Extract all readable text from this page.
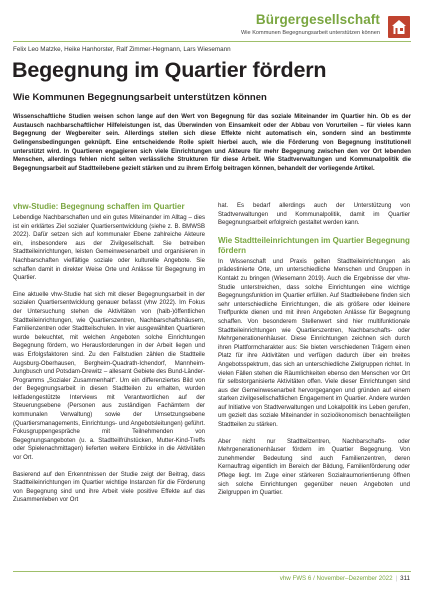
Bürgergesellschaft
Wie Kommunen Begegnungsarbeit unterstützen können
Felix Leo Matzke, Heike Hanhorster, Ralf Zimmer-Hegmann, Lars Wiesemann
Begegnung im Quartier fördern
Wie Kommunen Begegnungsarbeit unterstützen können
Wissenschaftliche Studien weisen schon lange auf den Wert von Begegnung für das soziale Miteinander im Quartier hin. Ob es der Austausch nachbarschaftlicher Hilfeleistungen ist, das Überwinden von Einsamkeit oder der Abbau von Vorurteilen – für vieles kann Begegnung der Wegbereiter sein. Allerdings stellen sich diese Effekte nicht automatisch ein, sondern sind an bestimmte Gelingensbedingungen geknüpft. Eine entscheidende Rolle spielt hierbei auch, wie die Förderung von Begegnung institutionell unterstützt wird. In Quartieren engagieren sich viele Einrichtungen und Akteure für mehr Begegnung zwischen den vor Ort lebenden Menschen, allerdings fehlen nicht selten verlässliche Strukturen für diese Arbeit. Wie Stadtverwaltungen und Kommunalpolitik die Begegnungsarbeit auf Stadtteilebene gezielt stärken und zu ihrem Erfolg beitragen können, behandelt der vorliegende Artikel.
vhw-Studie: Begegnung schaffen im Quartier

Lebendige Nachbarschaften und ein gutes Miteinander im Alltag – dies ist ein erklärtes Ziel sozialer Quartiersentwicklung (siehe z. B. BMWSB 2022). Dafür setzen sich auf kommunaler Ebene zahlreiche Akteure ein, insbesondere aus der Zivilgesellschaft. Sie betreiben Stadtteileinrichtungen, leisten Gemeinwesenarbeit und organisieren in Nachbarschaften vielfältige soziale oder kulturelle Angebote. Sie schaffen damit in direkter Weise Orte und Anlässe für Begegnung im Quartier.

Eine aktuelle vhw-Studie hat sich mit dieser Begegnungsarbeit in der sozialen Quartiersentwicklung genauer befasst (vhw 2022). Im Fokus der Untersuchung stehen die Aktivitäten von (halb-)öffentlichen Stadtteileinrichtungen, wie Quartierszentren, Nachbarschaftshäusern, Familienzentren oder Stadtteilschulen. In vier ausgewählten Quartieren wurde beleuchtet, mit welchen Angeboten solche Einrichtungen Begegnung fördern, wo Herausforderungen in der Arbeit liegen und was Erfolgsfaktoren sind. Zu den Fallstudien zählen die Stadtteile Augsburg-Oberhausen, Bergheim-Quadrath-Ichendorf, Mannheim-Jungbusch und Potsdam-Drewitz – allesamt Gebiete des Bund-Länder-Programms „Sozialer Zusammenhalt". Um ein differenziertes Bild von der Begegnungsarbeit in diesen Stadtteilen zu erhalten, wurden leitfadengestützte Interviews mit Verantwortlichen auf der Steuerungsebene (Personen aus zuständigen Fachämtern der kommunalen Verwaltung) sowie der Umsetzungsebene (Quartiersmanagements, Einrichtungs- und Angebotsleitungen) geführt. Fokusgruppengespräche mit Teilnehmenden von Begegnungsangeboten (u. a. Stadtteilfrühstücken, Mutter-Kind-Treffs oder Spielenachmittagen) lieferten weitere Einblicke in die Aktivitäten vor Ort.

Basierend auf den Erkenntnissen der Studie zeigt der Beitrag, dass Stadtteileinrichtungen im Quartier wichtige Instanzen für die Förderung von Begegnung sind und ihre Arbeit viele positive Effekte auf das Zusammenleben vor Ort

hat. Es bedarf allerdings auch der Unterstützung von Stadtverwaltungen und Kommunalpolitik, damit im Quartier Begegnungsarbeit erfolgreich gestaltet werden kann.

Wie Stadtteileinrichtungen im Quartier Begegnung fördern

In Wissenschaft und Praxis gelten Stadtteileinrichtungen als prädestinierte Orte, um unterschiedliche Menschen und Gruppen in Kontakt zu bringen (Wiesemann 2019). Auch die Ergebnisse der vhw-Studie unterstreichen, dass solche Einrichtungen eine wichtige Begegnungsfunktion im Quartier erfüllen. Auf Stadtteilebene finden sich sehr unterschiedliche Einrichtungen, die als größere oder kleinere Treffpunkte dienen und mit ihren Angeboten Anlässe für Begegnung schaffen. Von besonderem Stellenwert sind hier multifunktionale Stadtteileinrichtungen wie Quartierszentren, Nachbarschafts- oder Mehrgenerationenhäuser. Diese Einrichtungen zeichnen sich durch ihren Plattformcharakter aus: Sie bieten verschiedenen Trägern einen Platz für ihre Aktivitäten und verfügen dadurch über ein breites Angebotsspektrum, das sich an unterschiedliche Zielgruppen richtet. In vielen Fällen stehen die Räumlichkeiten ebenso den Menschen vor Ort für selbstorganisierte Aktivitäten offen. Viele dieser Einrichtungen sind aus der Gemeinwesenarbeit hervorgegangen und gründen auf einem starken zivilgesellschaftlichen Engagement im Quartier. Andere wurden auf Initiative von Stadtverwaltungen und Lokalpolitik ins Leben gerufen, um gezielt das soziale Miteinander in sozioökonomisch benachteiligten Stadtteilen zu stärken.

Aber nicht nur Stadtteilzentren, Nachbarschafts- oder Mehrgenerationenhäuser fördern im Quartier Begegnung. Von zunehmender Bedeutung sind auch Familienzentren, deren Kernauftrag eigentlich im Bereich der Bildung, Familienförderung oder Pflege liegt. Im Zuge einer stärkeren Sozialraumorientierung öffnen sich solche Einrichtungen gegenüber neuen Angeboten und Zielgruppen im Quartier.

vhw FWS 6 / November–Dezember 2022 | 311
